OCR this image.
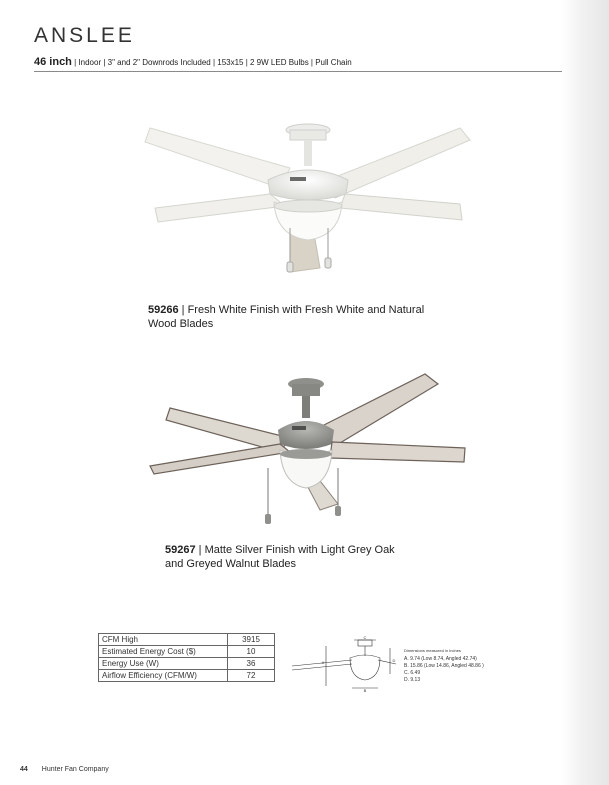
ANSLEE
46 inch | Indoor | 3" and 2" Downrods Included | 153x15 | 2 9W LED Bulbs | Pull Chain
59266 | Fresh White Finish with Fresh White and Natural
Wood Blades
59267 | Matte Silver Finish with Light Grey Oak
and Greyed Walnut Blades
CFM High	3915
Estimated Energy Cost ($)	10
Energy Use (W)	36
Airflow Efficiency (CFM/W)	72
C
A	D
B
Dimensions measured in Inches
A. 9.74 (Low 8.74, Angled 42.74)
B. 15.86 (Low 14.86, Angled 48.86 )
C. 6.49
D. 9.13
44 Hunter Fan Company
